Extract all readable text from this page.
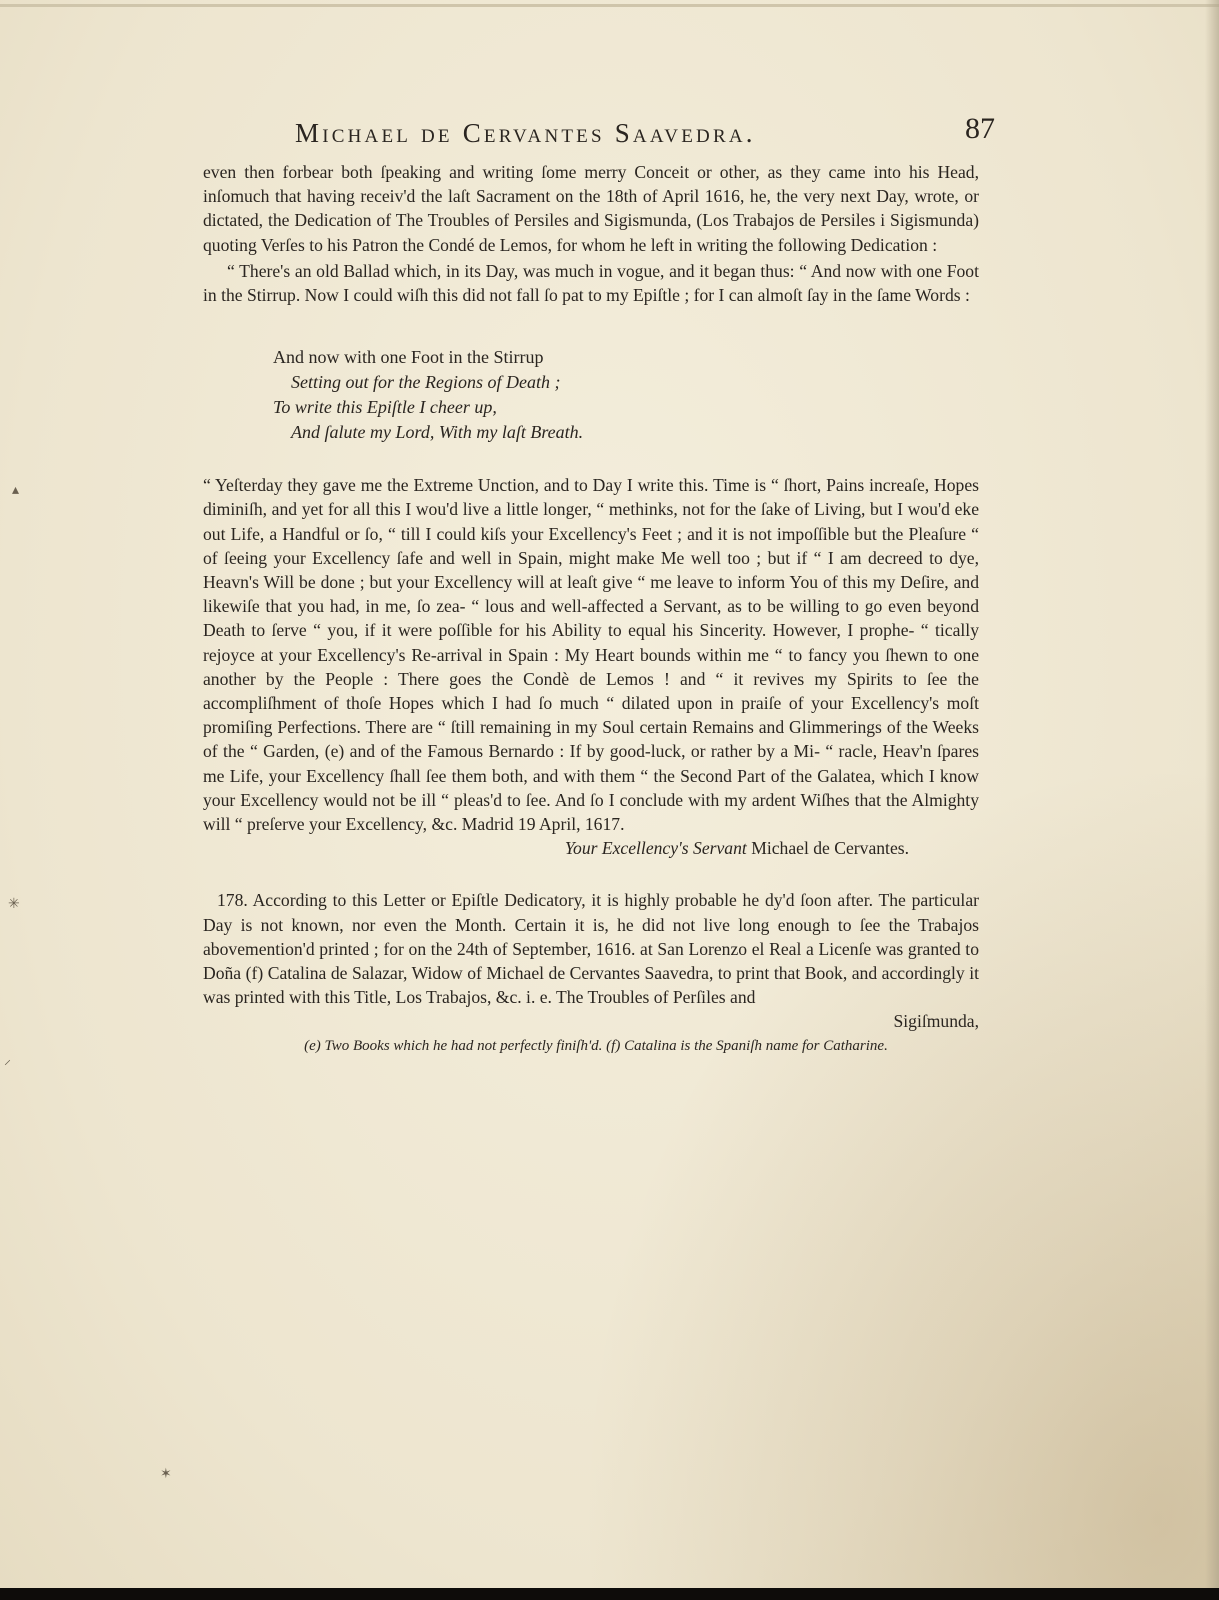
Michael de Cervantes Saavedra.	87

even then forbear both ſpeaking and writing ſome merry Conceit or other, as they came into his Head, inſomuch that having receiv'd the laſt Sacrament on the 18th of April 1616, he, the very next Day, wrote, or dictated, the Dedication of The Troubles of Persiles and Sigismunda, (Los Trabajos de Persiles i Sigismunda) quoting Verſes to his Patron the Condé de Lemos, for whom he left in writing the following Dedication :

“ There's an old Ballad which, in its Day, was much in vogue, and it began thus: “ And now with one Foot in the Stirrup. Now I could wiſh this did not fall ſo pat to my Epiſtle ; for I can almoſt ſay in the ſame Words :

And now with one Foot in the Stirrup
Setting out for the Regions of Death ;
To write this Epiſtle I cheer up,
And ſalute my Lord, With my laſt Breath.

“ Yeſterday they gave me the Extreme Unction, and to Day I write this. Time is “ ſhort, Pains increaſe, Hopes diminiſh, and yet for all this I wou'd live a little longer, “ methinks, not for the ſake of Living, but I wou'd eke out Life, a Handful or ſo, “ till I could kiſs your Excellency's Feet ; and it is not impoſſible but the Pleaſure “ of ſeeing your Excellency ſafe and well in Spain, might make Me well too ; but if “ I am decreed to dye, Heavn's Will be done ; but your Excellency will at leaſt give “ me leave to inform You of this my Deſire, and likewiſe that you had, in me, ſo zea- “ lous and well-affected a Servant, as to be willing to go even beyond Death to ſerve “ you, if it were poſſible for his Ability to equal his Sincerity. However, I prophe- “ tically rejoyce at your Excellency's Re-arrival in Spain : My Heart bounds within me “ to fancy you ſhewn to one another by the People : There goes the Condè de Lemos ! and “ it revives my Spirits to ſee the accompliſhment of thoſe Hopes which I had ſo much “ dilated upon in praiſe of your Excellency's moſt promiſing Perfections. There are “ ſtill remaining in my Soul certain Remains and Glimmerings of the Weeks of the “ Garden, (e) and of the Famous Bernardo : If by good-luck, or rather by a Mi- “ racle, Heav'n ſpares me Life, your Excellency ſhall ſee them both, and with them “ the Second Part of the Galatea, which I know your Excellency would not be ill “ pleas'd to ſee. And ſo I conclude with my ardent Wiſhes that the Almighty will “ preſerve your Excellency, &c. Madrid 19 April, 1617.

Your Excellency's Servant Michael de Cervantes.

178. According to this Letter or Epiſtle Dedicatory, it is highly probable he dy'd ſoon after. The particular Day is not known, nor even the Month. Certain it is, he did not live long enough to ſee the Trabajos abovemention'd printed ; for on the 24th of September, 1616. at San Lorenzo el Real a Licenſe was granted to Doña (f) Catalina de Salazar, Widow of Michael de Cervantes Saavedra, to print that Book, and accordingly it was printed with this Title, Los Trabajos, &c. i. e. The Troubles of Perſiles and

Sigiſmunda,

(e) Two Books which he had not perfectly finiſh'd. (f) Catalina is the Spaniſh name for Catharine.

▴
✳
⸝
✶
